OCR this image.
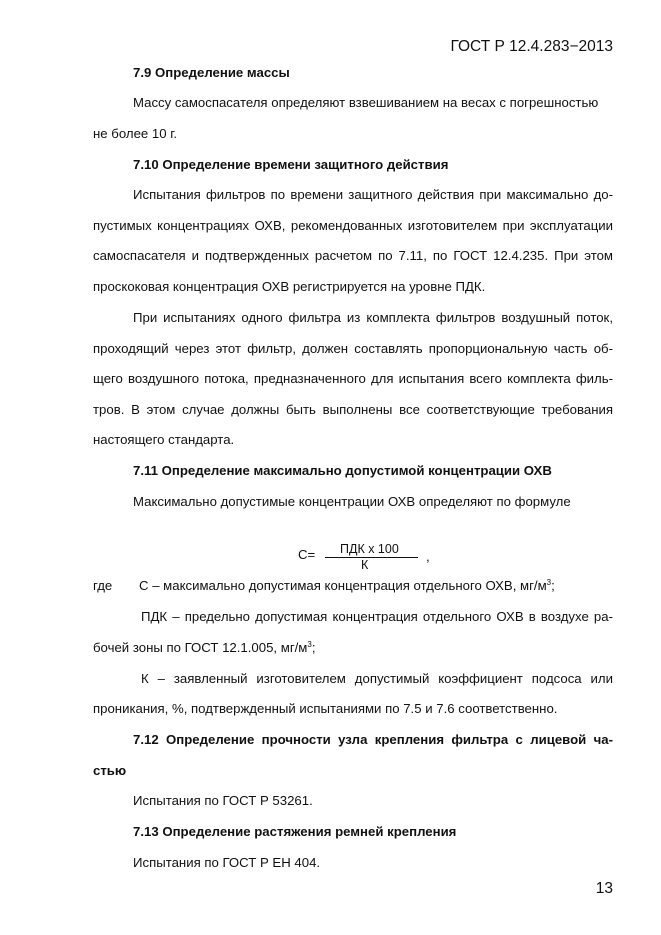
ГОСТ Р 12.4.283−2013
7.9 Определение массы
Массу самоспасателя определяют взвешиванием на весах с погрешностью
не более 10 г.
7.10 Определение времени защитного действия
Испытания фильтров по времени защитного действия при максимально до-
пустимых концентрациях ОХВ, рекомендованных изготовителем при эксплуатации
самоспасателя и подтвержденных расчетом по 7.11, по ГОСТ 12.4.235. При этом
проскоковая концентрация ОХВ регистрируется на уровне ПДК.
При испытаниях одного фильтра из комплекта фильтров воздушный поток,
проходящий через этот фильтр, должен составлять пропорциональную часть об-
щего воздушного потока, предназначенного для испытания всего комплекта филь-
тров. В этом случае должны быть выполнены все соответствующие требования
настоящего стандарта.
7.11 Определение максимально допустимой концентрации ОХВ
Максимально допустимые концентрации ОХВ определяют по формуле
С= ПДК x 100
К
,
где С – максимально допустимая концентрация отдельного ОХВ, $мг/м^3$;
ПДК – предельно допустимая концентрация отдельного ОХВ в воздухе ра-
бочей зоны по ГОСТ 12.1.005, $мг/м^3$;
К – заявленный изготовителем допустимый коэффициент подсоса или
проникания, %, подтвержденный испытаниями по 7.5 и 7.6 соответственно.
7.12 Определение прочности узла крепления фильтра с лицевой ча-
стью
Испытания по ГОСТ Р 53261.
7.13 Определение растяжения ремней крепления
Испытания по ГОСТ Р ЕН 404.
13
